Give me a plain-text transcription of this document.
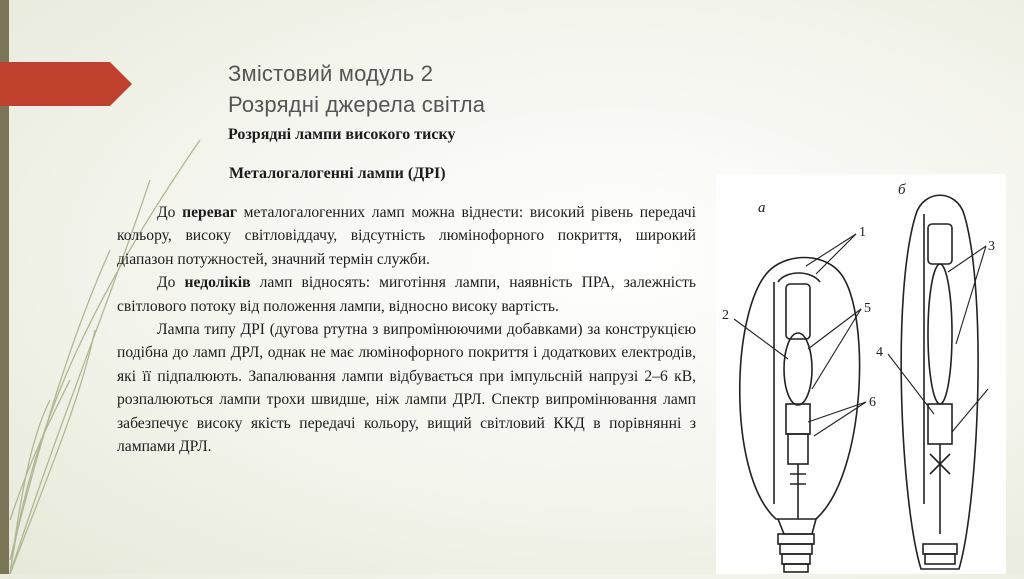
Змістовий модуль 2
Розрядні джерела світла
Розрядні лампи високого тиску
Металогалогенні лампи (ДРІ)

До переваг металогалогенних ламп можна віднести: високий рівень передачі кольору, високу світловіддачу, відсутність люмінофорного покриття, широкий діапазон потужностей, значний термін служби.

До недоліків ламп відносять: миготіння лампи, наявність ПРА, залежність світлового потоку від положення лампи, відносно високу вартість.

Лампа типу ДРІ (дугова ртутна з випромінюючими добавками) за конструкцією подібна до ламп ДРЛ, однак не має люмінофорного покриття і додаткових електродів, які її підпалюють. Запалювання лампи відбувається при імпульсній напрузі 2–6 кВ, розпалюються лампи трохи швидше, ніж лампи ДРЛ. Спектр випромінювання ламп забезпечує високу якість передачі кольору, вищий світловий ККД в порівнянні з лампами ДРЛ.

а
б
1
2
3
4
5
6
